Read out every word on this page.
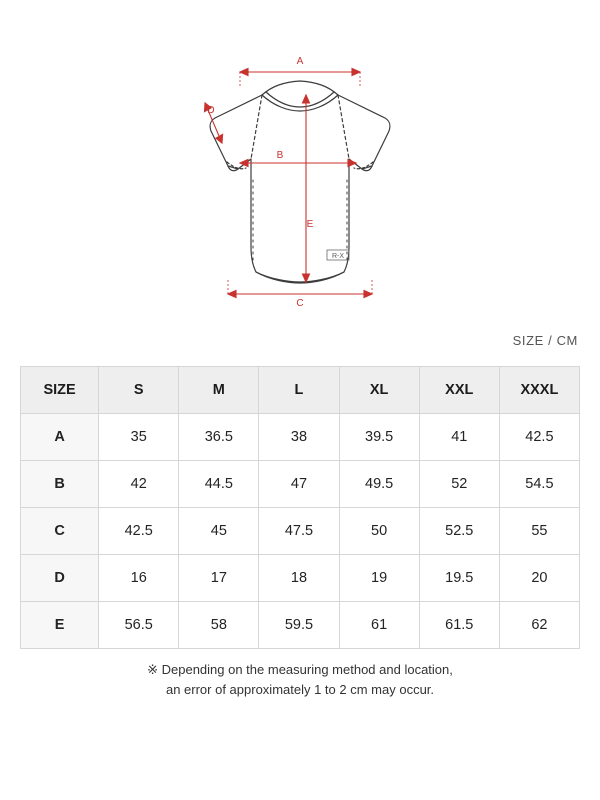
R-X
A
D
B
E
C
SIZE / CM
SIZE	S	M	L	XL	XXL	XXXL
A	35	36.5	38	39.5	41	42.5
B	42	44.5	47	49.5	52	54.5
C	42.5	45	47.5	50	52.5	55
D	16	17	18	19	19.5	20
E	56.5	58	59.5	61	61.5	62
※ Depending on the measuring method and location,
an error of approximately 1 to 2 cm may occur.
